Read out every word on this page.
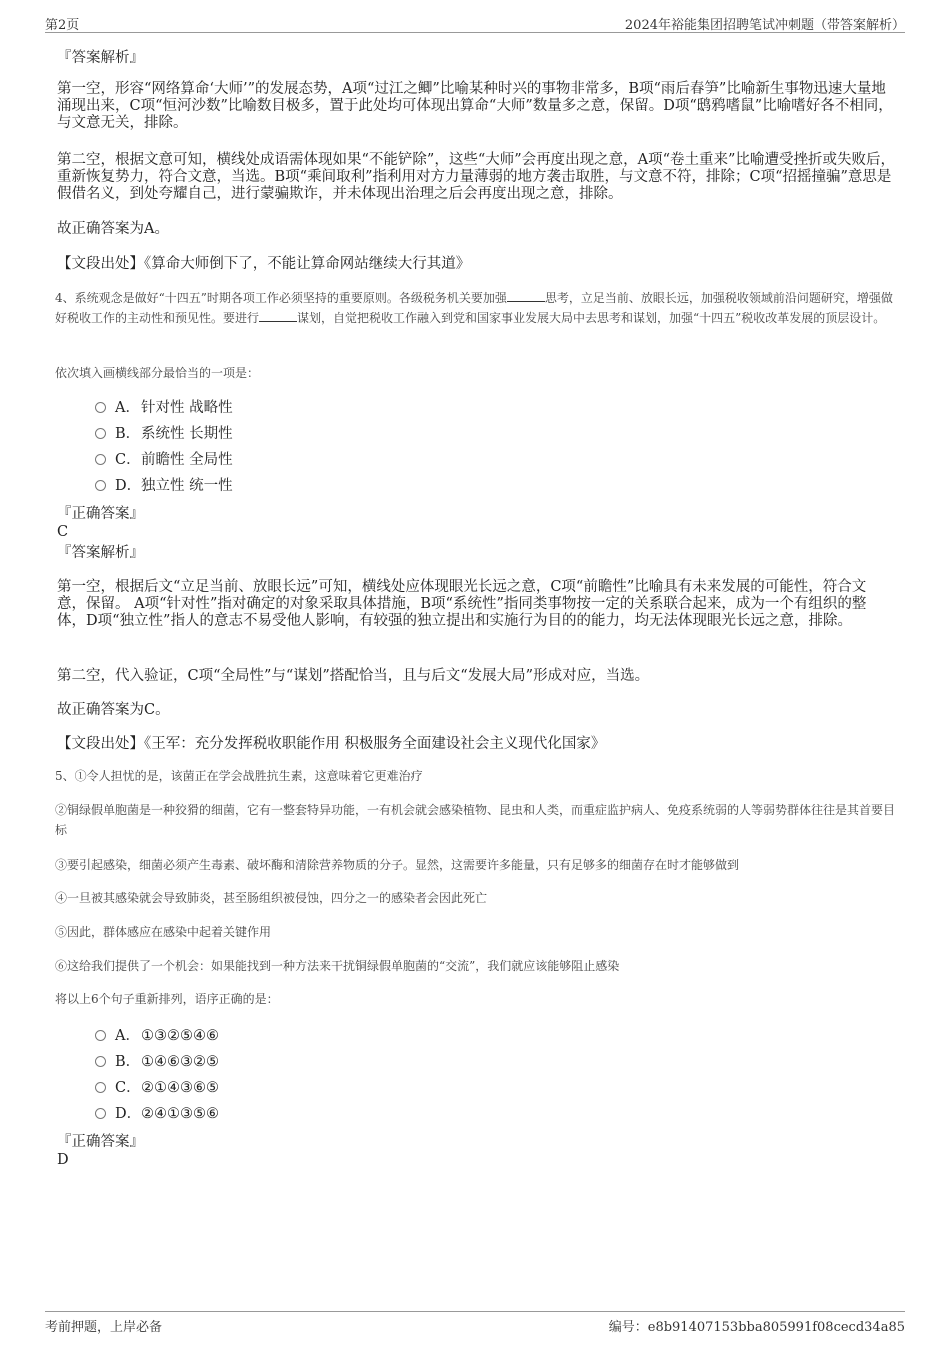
第2页	2024年裕能集团招聘笔试冲刺题（带答案解析）

『答案解析』

第一空，形容“网络算命‘大师’”的发展态势，A项“过江之鲫”比喻某种时兴的事物非常多，B项“雨后春笋”比喻新生事物迅速大量地涌现出来，C项“恒河沙数”比喻数目极多，置于此处均可体现出算命“大师”数量多之意，保留。D项“鸱鸦嗜鼠”比喻嗜好各不相同，与文意无关，排除。

第二空，根据文意可知，横线处成语需体现如果“不能铲除”，这些“大师”会再度出现之意，A项“卷土重来”比喻遭受挫折或失败后，重新恢复势力，符合文意，当选。B项“乘间取利”指利用对方力量薄弱的地方袭击取胜，与文意不符，排除；C项“招摇撞骗”意思是假借名义，到处夸耀自己，进行蒙骗欺诈，并未体现出治理之后会再度出现之意，排除。

故正确答案为A。

【文段出处】《算命大师倒下了，不能让算命网站继续大行其道》

4、系统观念是做好“十四五”时期各项工作必须坚持的重要原则。各级税务机关要加强	思考，立足当前、放眼长远，加强税收领域前沿问题研究，增强做好税收工作的主动性和预见性。要进行	谋划，自觉把税收工作融入到党和国家事业发展大局中去思考和谋划，加强“十四五”税收改革发展的顶层设计。

依次填入画横线部分最恰当的一项是：

A．针对性 战略性
B．系统性 长期性
C．前瞻性 全局性
D．独立性 统一性

『正确答案』

C

『答案解析』

第一空，根据后文“立足当前、放眼长远”可知，横线处应体现眼光长远之意，C项“前瞻性”比喻具有未来发展的可能性，符合文意，保留。 A项“针对性”指对确定的对象采取具体措施，B项“系统性”指同类事物按一定的关系联合起来，成为一个有组织的整体，D项“独立性”指人的意志不易受他人影响，有较强的独立提出和实施行为目的的能力，均无法体现眼光长远之意，排除。

第二空，代入验证，C项“全局性”与“谋划”搭配恰当，且与后文“发展大局”形成对应，当选。

故正确答案为C。

【文段出处】《王军：充分发挥税收职能作用 积极服务全面建设社会主义现代化国家》

5、①令人担忧的是，该菌正在学会战胜抗生素，这意味着它更难治疗

②铜绿假单胞菌是一种狡猾的细菌，它有一整套特异功能，一有机会就会感染植物、昆虫和人类，而重症监护病人、免疫系统弱的人等弱势群体往往是其首要目标

③要引起感染，细菌必须产生毒素、破坏酶和清除营养物质的分子。显然，这需要许多能量，只有足够多的细菌存在时才能够做到

④一旦被其感染就会导致肺炎，甚至肠组织被侵蚀，四分之一的感染者会因此死亡

⑤因此，群体感应在感染中起着关键作用

⑥这给我们提供了一个机会：如果能找到一种方法来干扰铜绿假单胞菌的“交流”，我们就应该能够阻止感染

将以上6个句子重新排列，语序正确的是：

A．①③②⑤④⑥
B．①④⑥③②⑤
C．②①④③⑥⑤
D．②④①③⑤⑥

『正确答案』

D

考前押题，上岸必备	编号：e8b91407153bba805991f08cecd34a85
